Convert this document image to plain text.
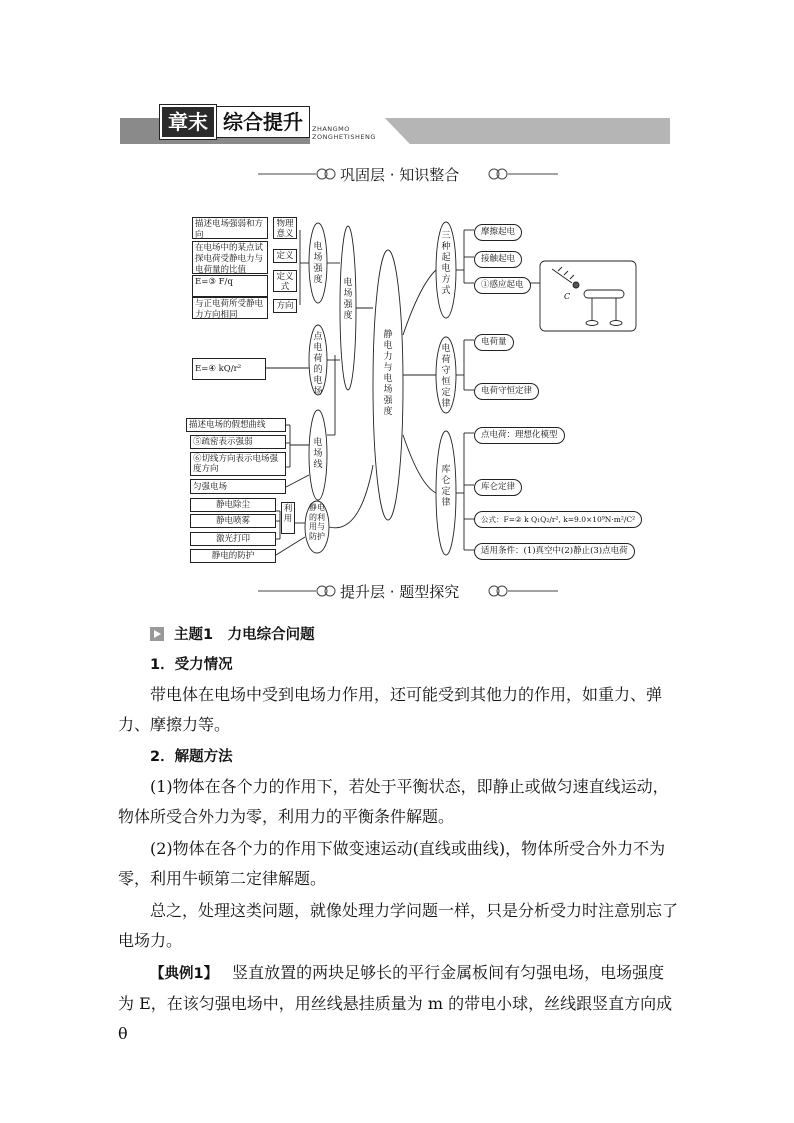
章末 综合提升	ZHANGMO
ZONGHETISHENG
巩固层 · 知识整合
静电力与电场强度
电场强度
电场强度
点电荷的电场
电场线
静电的利用与防护
三种起电方式
电荷守恒定律
库仑定律
描述电场强弱和方向
物理意义
在电场中的某点试探电荷受静电力与电荷量的比值
定义
E=③ F/q	定义式
与正电荷所受静电力方向相同
方向
E=④ kQ/r²
描述电场的假想曲线
⑤疏密表示强弱
⑥切线方向表示电场强度方向
匀强电场
静电除尘
静电喷雾
激光打印
利用
静电的防护
摩擦起电
接触起电
①感应起电
C
电荷量
电荷守恒定律
点电荷：理想化模型
库仑定律
公式：F=② k Q₁Q₂/r², k=9.0×10⁹N·m²/C²
适用条件：(1)真空中(2)静止(3)点电荷
提升层 · 题型探究
主题1　力电综合问题
1．受力情况
带电体在电场中受到电场力作用，还可能受到其他力的作用，如重力、弹力、摩擦力等。
2．解题方法
(1)物体在各个力的作用下，若处于平衡状态，即静止或做匀速直线运动，物体所受合外力为零，利用力的平衡条件解题。
(2)物体在各个力的作用下做变速运动(直线或曲线)，物体所受合外力不为零，利用牛顿第二定律解题。
总之，处理这类问题，就像处理力学问题一样，只是分析受力时注意别忘了电场力。
【典例1】 竖直放置的两块足够长的平行金属板间有匀强电场，电场强度为 E，在该匀强电场中，用丝线悬挂质量为 m 的带电小球，丝线跟竖直方向成 θ
